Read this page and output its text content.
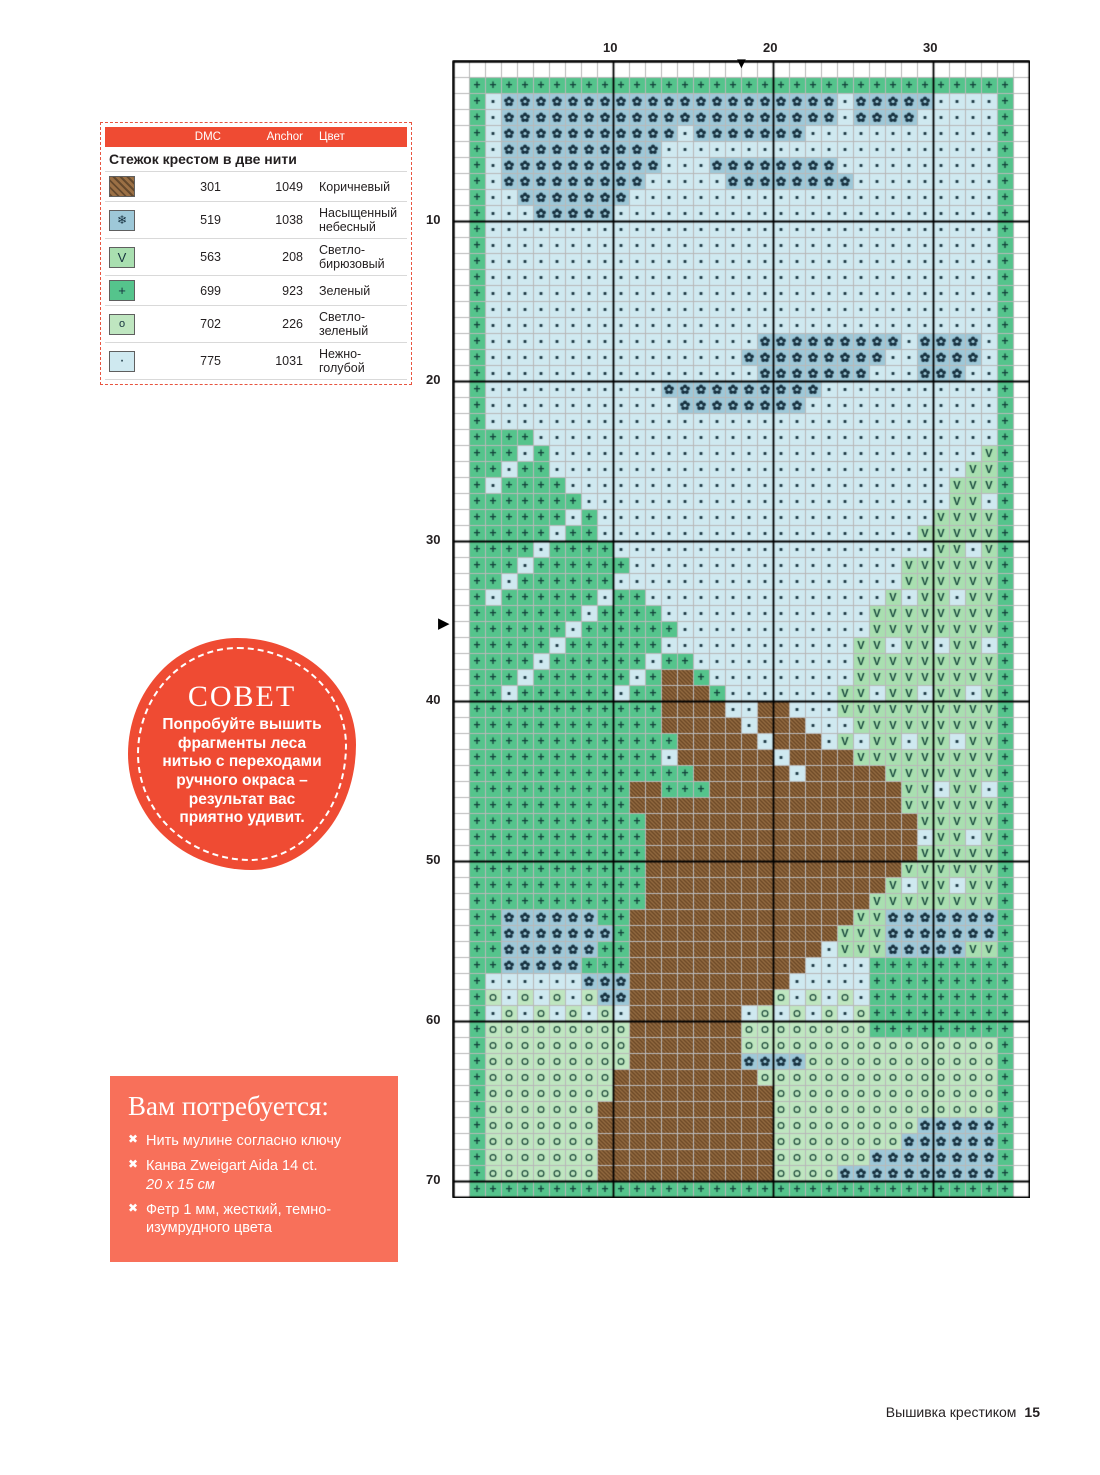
	DMC	Anchor	Цвет
Стежок крестом в две нити			

	301	1049	Коричневый

❄	519	1038	Насыщенный небесный

V	563	208	Светло-бирюзовый

+	699	923	Зеленый

o	702	226	Светло-зеленый

·	775	1031	Нежно-голубой
СОВЕТ
Попробуйте вышить фрагменты леса нитью с переходами ручного окраса – результат вас приятно удивит.
Вам потребуется:
✖ Нить мулине согласно ключу
✖ Канва Zweigart Aida 14 ct.
20 x 15 см
✖ Фетр 1 мм, жесткий, темно-изумрудного цвета
Вышивка крестиком 15
10	20	30
10
20
30
40
50
60
70
▼
▶
